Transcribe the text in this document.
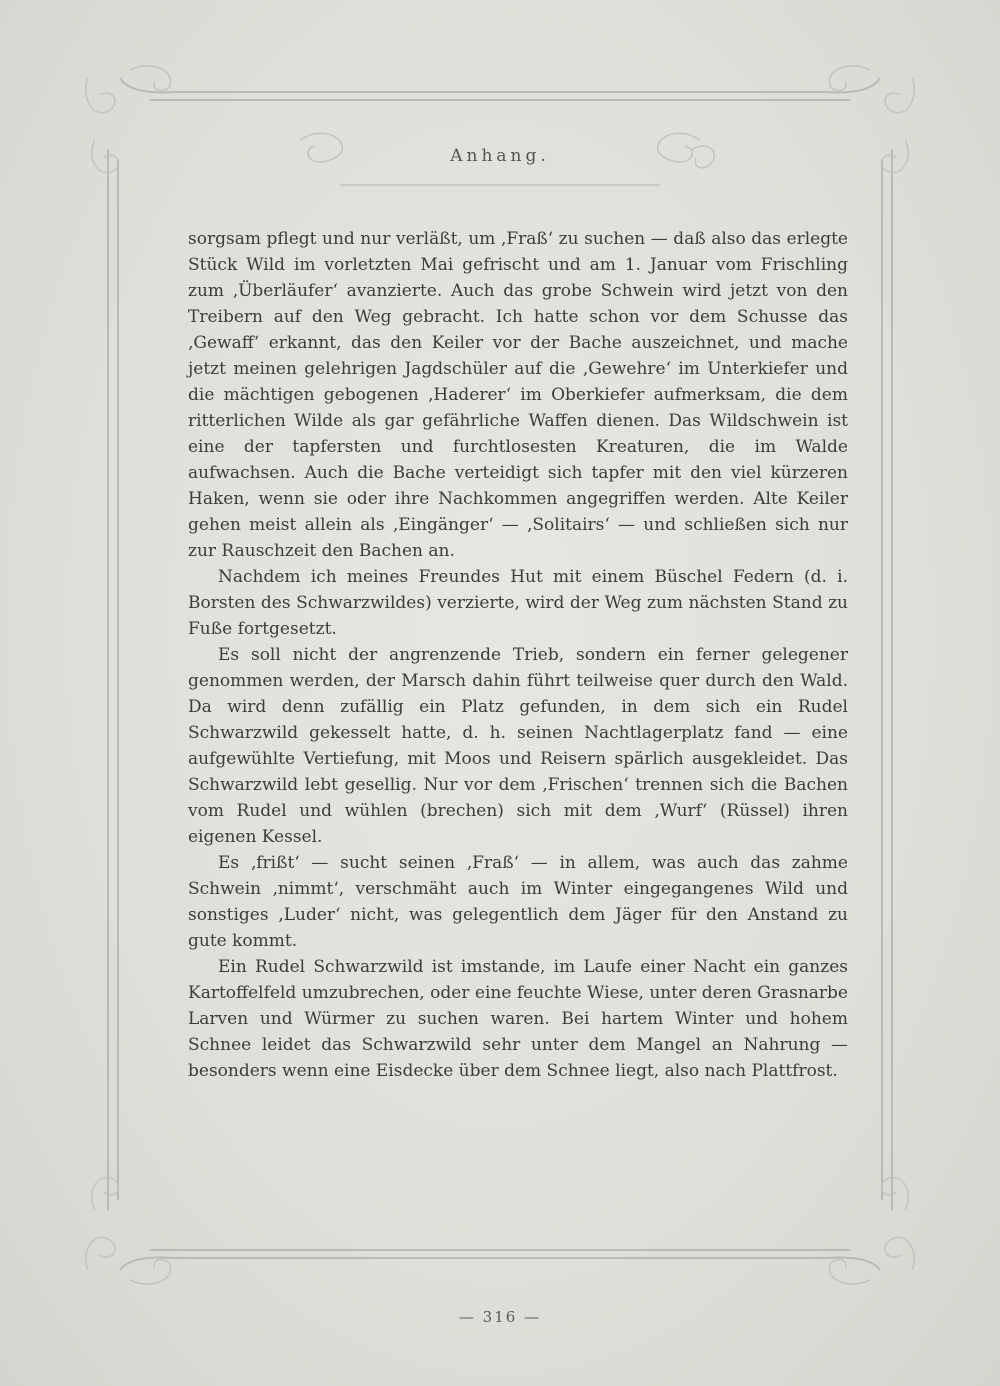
Anhang.

sorgsam pflegt und nur verläßt, um ‚Fraß‘ zu suchen — daß also das erlegte Stück Wild im vorletzten Mai gefrischt und am 1. Januar vom Frischling zum ‚Überläufer‘ avanzierte. Auch das grobe Schwein wird jetzt von den Treibern auf den Weg gebracht. Ich hatte schon vor dem Schusse das ‚Gewaff‘ erkannt, das den Keiler vor der Bache auszeichnet, und mache jetzt meinen gelehrigen Jagdschüler auf die ‚Gewehre‘ im Unterkiefer und die mächtigen gebogenen ‚Haderer‘ im Oberkiefer aufmerksam, die dem ritterlichen Wilde als gar gefährliche Waffen dienen. Das Wildschwein ist eine der tapfersten und furchtlosesten Kreaturen, die im Walde aufwachsen. Auch die Bache verteidigt sich tapfer mit den viel kürzeren Haken, wenn sie oder ihre Nachkommen angegriffen werden. Alte Keiler gehen meist allein als ‚Eingänger‘ — ‚Solitairs‘ — und schließen sich nur zur Rauschzeit den Bachen an.

Nachdem ich meines Freundes Hut mit einem Büschel Federn (d. i. Borsten des Schwarzwildes) verzierte, wird der Weg zum nächsten Stand zu Fuße fortgesetzt.

Es soll nicht der angrenzende Trieb, sondern ein ferner gelegener genommen werden, der Marsch dahin führt teilweise quer durch den Wald. Da wird denn zufällig ein Platz gefunden, in dem sich ein Rudel Schwarzwild gekesselt hatte, d. h. seinen Nachtlagerplatz fand — eine aufgewühlte Vertiefung, mit Moos und Reisern spärlich ausgekleidet. Das Schwarzwild lebt gesellig. Nur vor dem ‚Frischen‘ trennen sich die Bachen vom Rudel und wühlen (brechen) sich mit dem ‚Wurf‘ (Rüssel) ihren eigenen Kessel.

Es ‚frißt‘ — sucht seinen ‚Fraß‘ — in allem, was auch das zahme Schwein ‚nimmt‘, verschmäht auch im Winter eingegangenes Wild und sonstiges ‚Luder‘ nicht, was gelegentlich dem Jäger für den Anstand zu gute kommt.

Ein Rudel Schwarzwild ist imstande, im Laufe einer Nacht ein ganzes Kartoffelfeld umzubrechen, oder eine feuchte Wiese, unter deren Grasnarbe Larven und Würmer zu suchen waren. Bei hartem Winter und hohem Schnee leidet das Schwarzwild sehr unter dem Mangel an Nahrung — besonders wenn eine Eisdecke über dem Schnee liegt, also nach Plattfrost.

— 316 —
